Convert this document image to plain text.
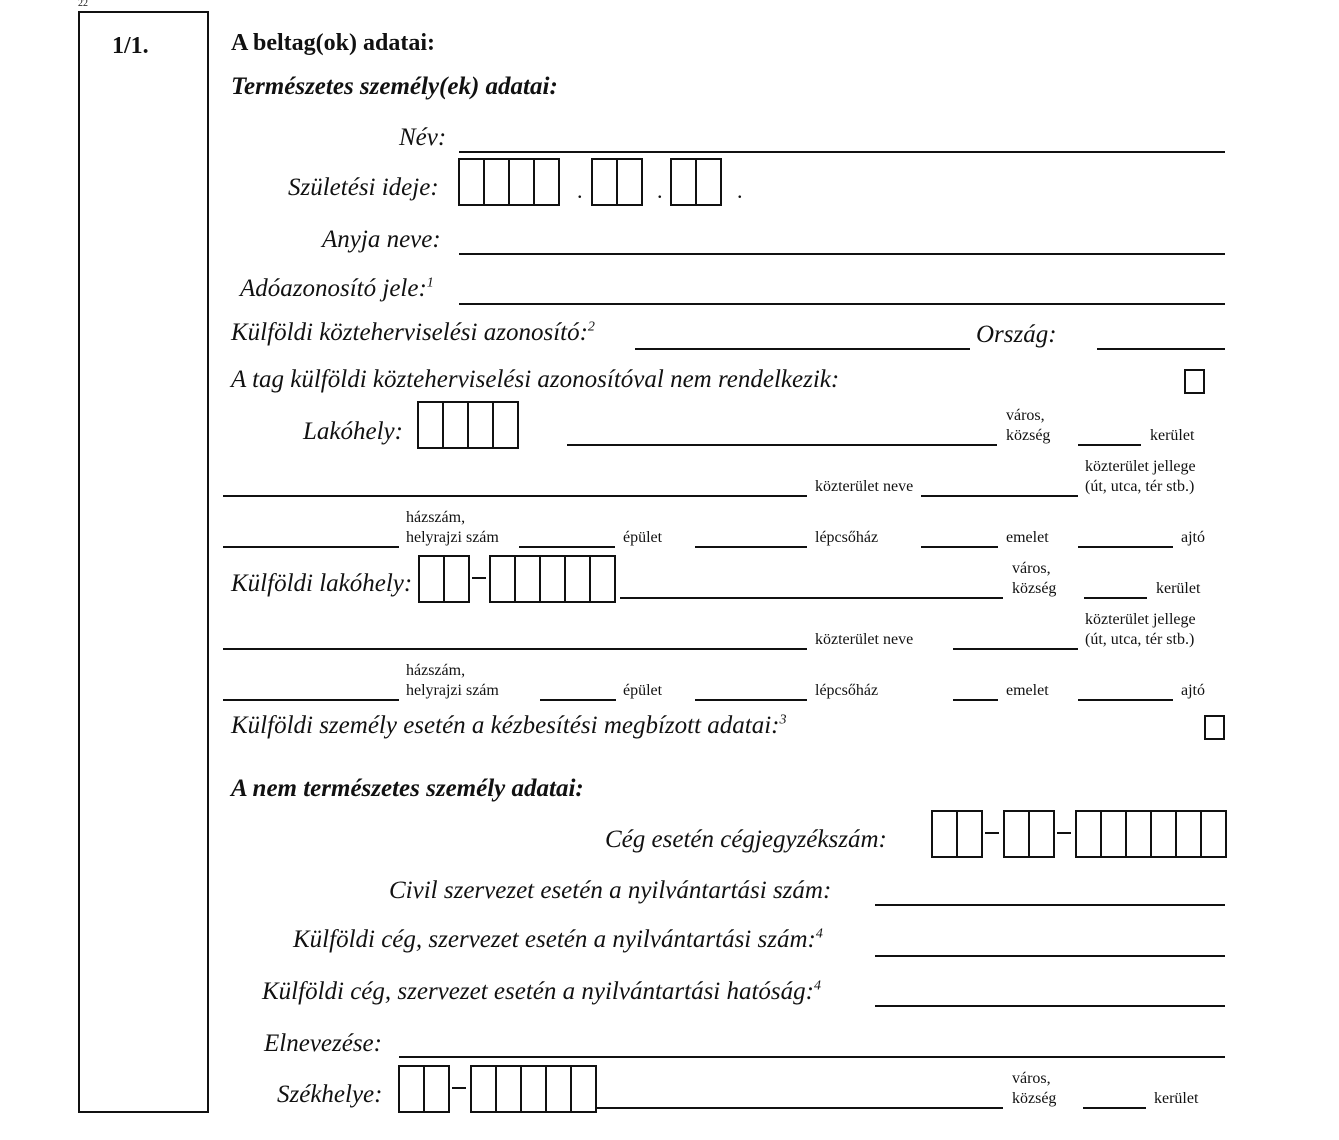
22
1/1.	A beltag(ok) adatai:
Természetes személy(ek) adatai:
Név:
Születési ideje:	.	.	.
Anyja neve:
Adóazonosító jele:$^1$
Külföldi közteherviselési azonosító:$^2$	Ország:
A tag külföldi közteherviselési azonosítóval nem rendelkezik:
Lakóhely:
város,
község	kerület
közterület neve
közterület jellege
(út, utca, tér stb.)
házszám,
helyrajzi szám	épület	lépcsőház	emelet	ajtó
Külföldi lakóhely:
város,
község	kerület
közterület neve
közterület jellege
(út, utca, tér stb.)
házszám,
helyrajzi szám	épület	lépcsőház	emelet	ajtó
Külföldi személy esetén a kézbesítési megbízott adatai:$^3$
A nem természetes személy adatai:
Cég esetén cégjegyzékszám:
Civil szervezet esetén a nyilvántartási szám:
Külföldi cég, szervezet esetén a nyilvántartási szám:$^4$
Külföldi cég, szervezet esetén a nyilvántartási hatóság:$^4$
Elnevezése:
Székhelye:
város,
község	kerület
